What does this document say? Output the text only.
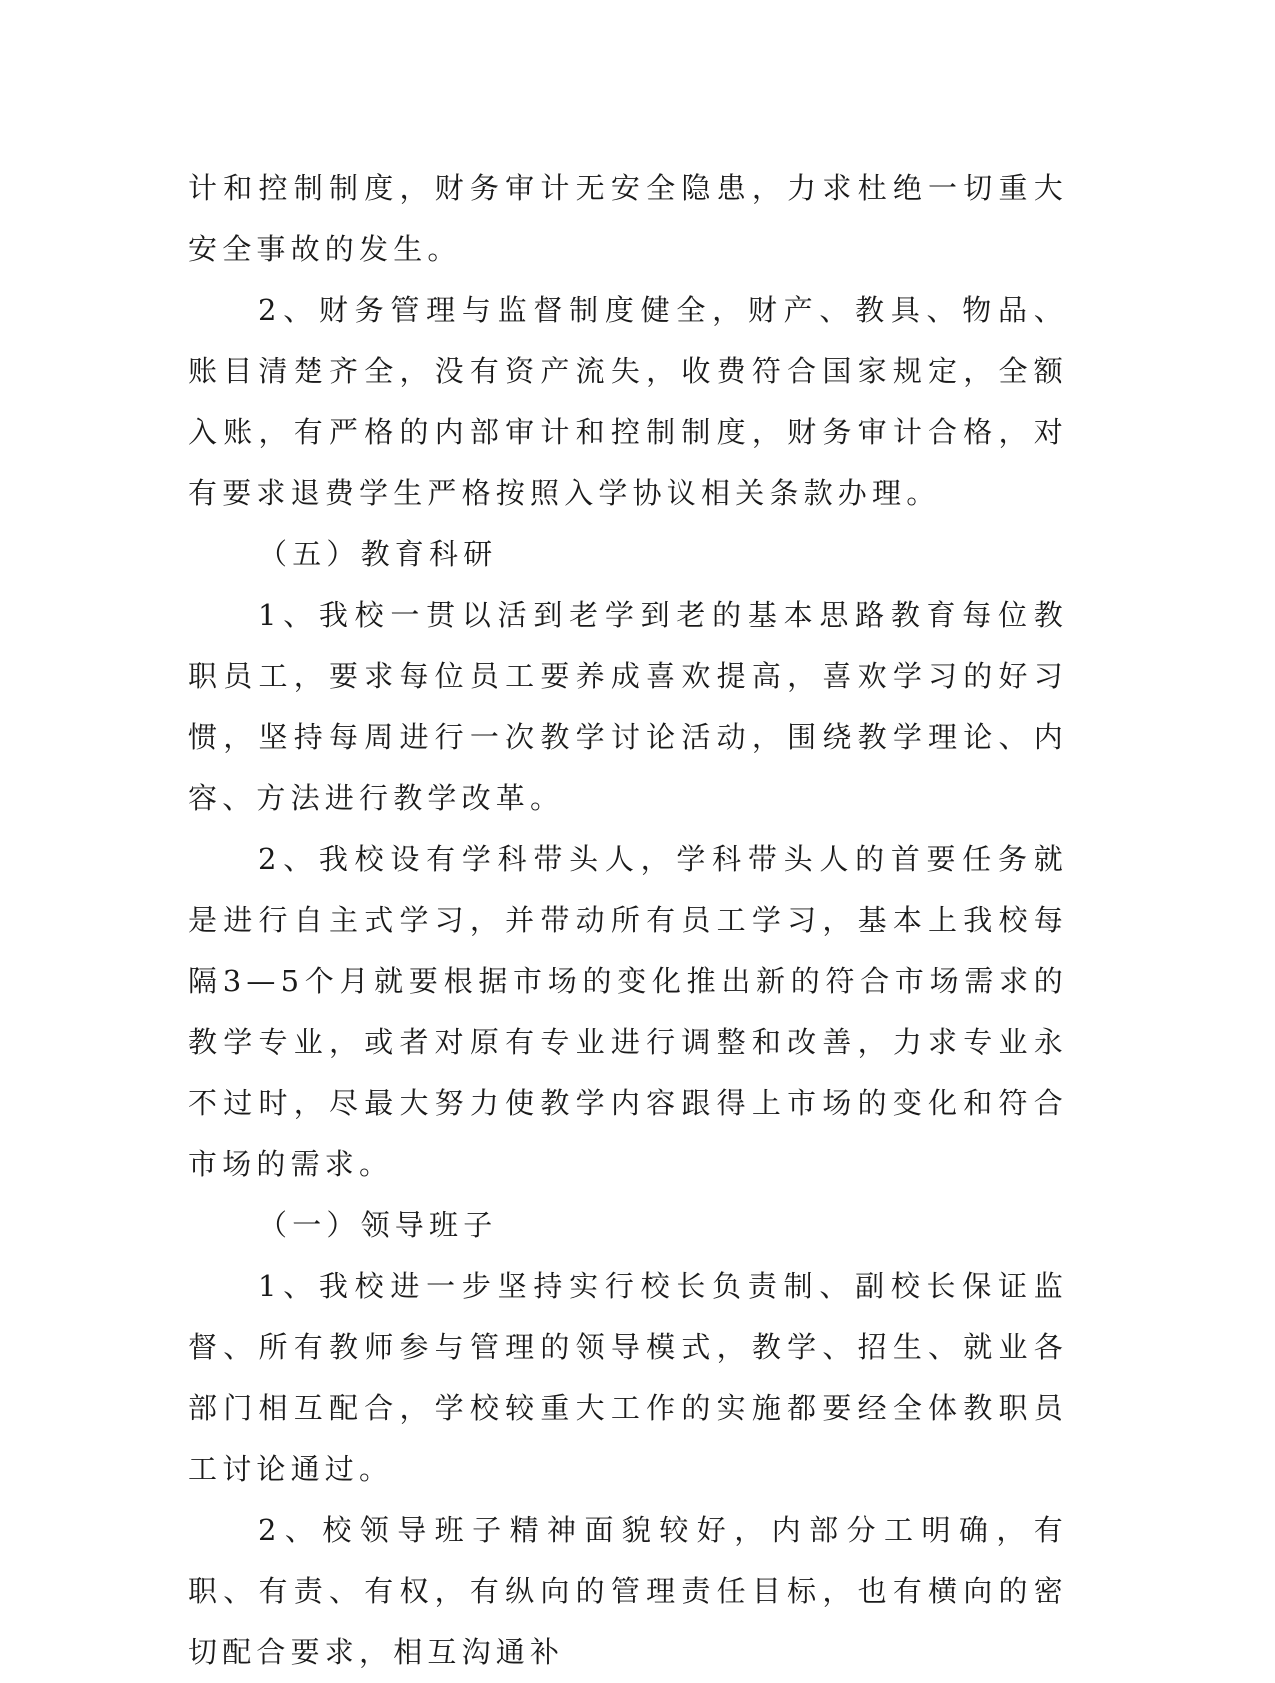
计和控制制度，财务审计无安全隐患，力求杜绝一切重大安全事故的发生。

2、财务管理与监督制度健全，财产、教具、物品、账目清楚齐全，没有资产流失，收费符合国家规定，全额入账，有严格的内部审计和控制制度，财务审计合格，对有要求退费学生严格按照入学协议相关条款办理。

（五）教育科研

1、我校一贯以活到老学到老的基本思路教育每位教职员工，要求每位员工要养成喜欢提高，喜欢学习的好习惯，坚持每周进行一次教学讨论活动，围绕教学理论、内容、方法进行教学改革。

2、我校设有学科带头人，学科带头人的首要任务就是进行自主式学习，并带动所有员工学习，基本上我校每隔3—5个月就要根据市场的变化推出新的符合市场需求的教学专业，或者对原有专业进行调整和改善，力求专业永不过时，尽最大努力使教学内容跟得上市场的变化和符合市场的需求。

（一）领导班子

1、我校进一步坚持实行校长负责制、副校长保证监督、所有教师参与管理的领导模式，教学、招生、就业各部门相互配合，学校较重大工作的实施都要经全体教职员工讨论通过。

2、校领导班子精神面貌较好，内部分工明确，有职、有责、有权，有纵向的管理责任目标，也有横向的密切配合要求，相互沟通补
